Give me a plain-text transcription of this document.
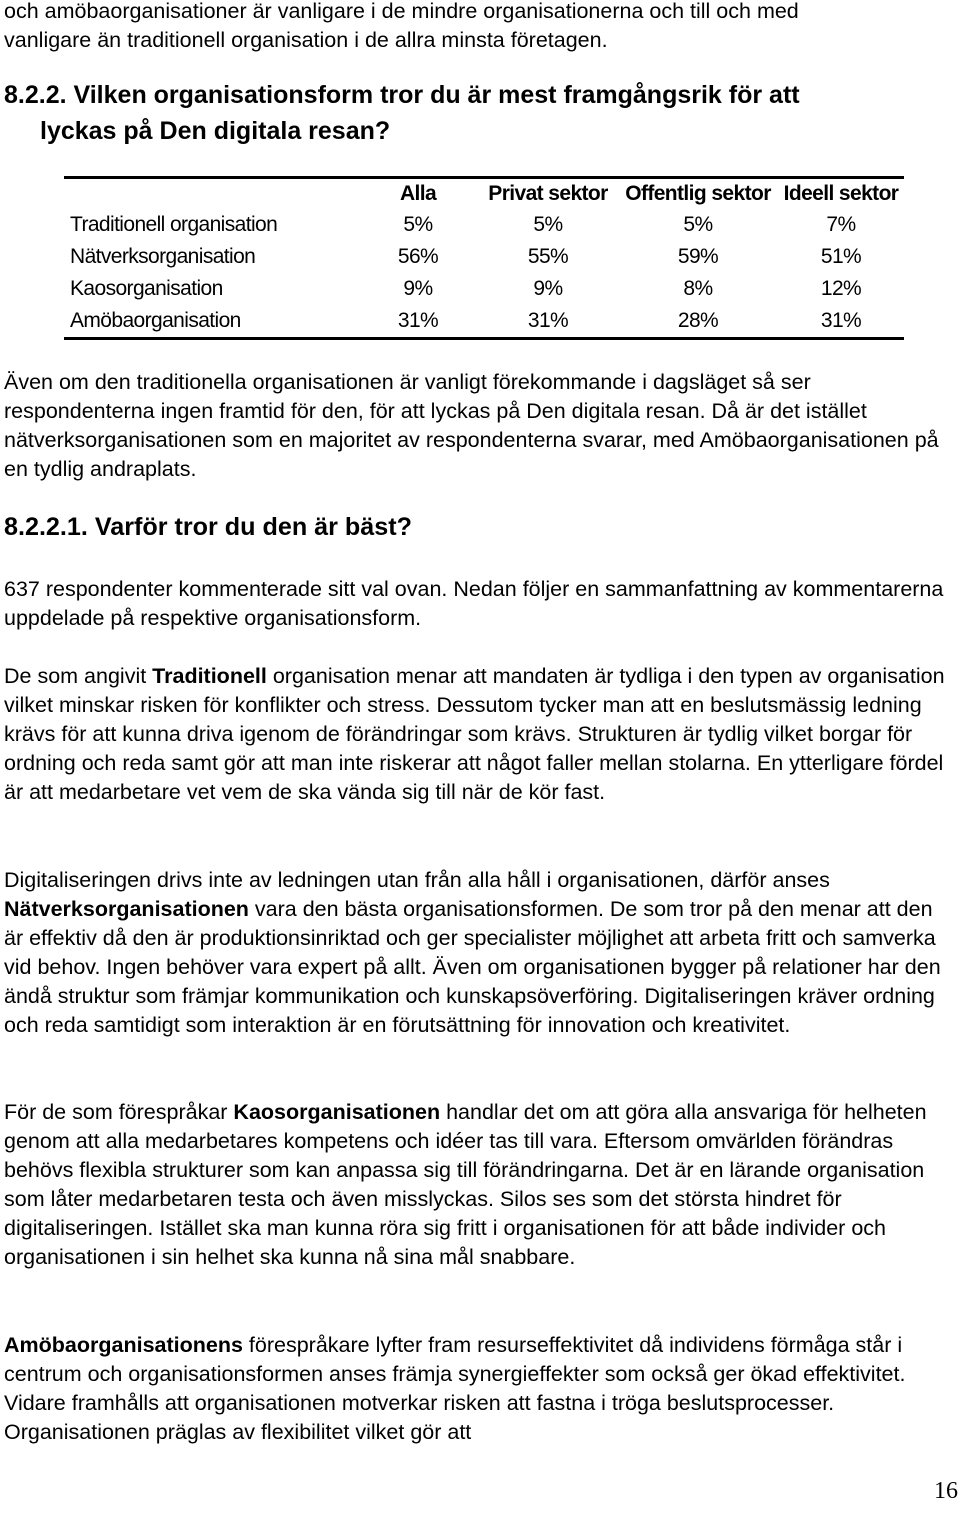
och amöbaorganisationer är vanligare i de mindre organisationerna och till och med
vanligare än traditionell organisation i de allra minsta företagen.

8.2.2. Vilken organisationsform tror du är mest framgångsrik för att
lyckas på Den digitala resan?
	Alla	Privat sektor	Offentlig sektor	Ideell sektor
Traditionell organisation	5%	5%	5%	7%
Nätverksorganisation	56%	55%	59%	51%
Kaosorganisation	9%	9%	8%	12%
Amöbaorganisation	31%	31%	28%	31%

Även om den traditionella organisationen är vanligt förekommande i dagsläget så ser respondenterna ingen framtid för den, för att lyckas på Den digitala resan. Då är det istället nätverksorganisationen som en majoritet av respondenterna svarar, med Amöbaorganisationen på en tydlig andraplats.

8.2.2.1. Varför tror du den är bäst?

637 respondenter kommenterade sitt val ovan. Nedan följer en sammanfattning av kommentarerna uppdelade på respektive organisationsform.

De som angivit Traditionell organisation menar att mandaten är tydliga i den typen av organisation vilket minskar risken för konflikter och stress. Dessutom tycker man att en beslutsmässig ledning krävs för att kunna driva igenom de förändringar som krävs. Strukturen är tydlig vilket borgar för ordning och reda samt gör att man inte riskerar att något faller mellan stolarna. En ytterligare fördel är att medarbetare vet vem de ska vända sig till när de kör fast.

Digitaliseringen drivs inte av ledningen utan från alla håll i organisationen, därför anses Nätverksorganisationen vara den bästa organisationsformen. De som tror på den menar att den är effektiv då den är produktionsinriktad och ger specialister möjlighet att arbeta fritt och samverka vid behov. Ingen behöver vara expert på allt. Även om organisationen bygger på relationer har den ändå struktur som främjar kommunikation och kunskapsöverföring. Digitaliseringen kräver ordning och reda samtidigt som interaktion är en förutsättning för innovation och kreativitet.

För de som förespråkar Kaosorganisationen handlar det om att göra alla ansvariga för helheten genom att alla medarbetares kompetens och idéer tas till vara. Eftersom omvärlden förändras behövs flexibla strukturer som kan anpassa sig till förändringarna. Det är en lärande organisation som låter medarbetaren testa och även misslyckas. Silos ses som det största hindret för digitaliseringen. Istället ska man kunna röra sig fritt i organisationen för att både individer och organisationen i sin helhet ska kunna nå sina mål snabbare.

Amöbaorganisationens förespråkare lyfter fram resurseffektivitet då individens förmåga står i centrum och organisationsformen anses främja synergieffekter som också ger ökad effektivitet. Vidare framhålls att organisationen motverkar risken att fastna i tröga beslutsprocesser. Organisationen präglas av flexibilitet vilket gör att

16
